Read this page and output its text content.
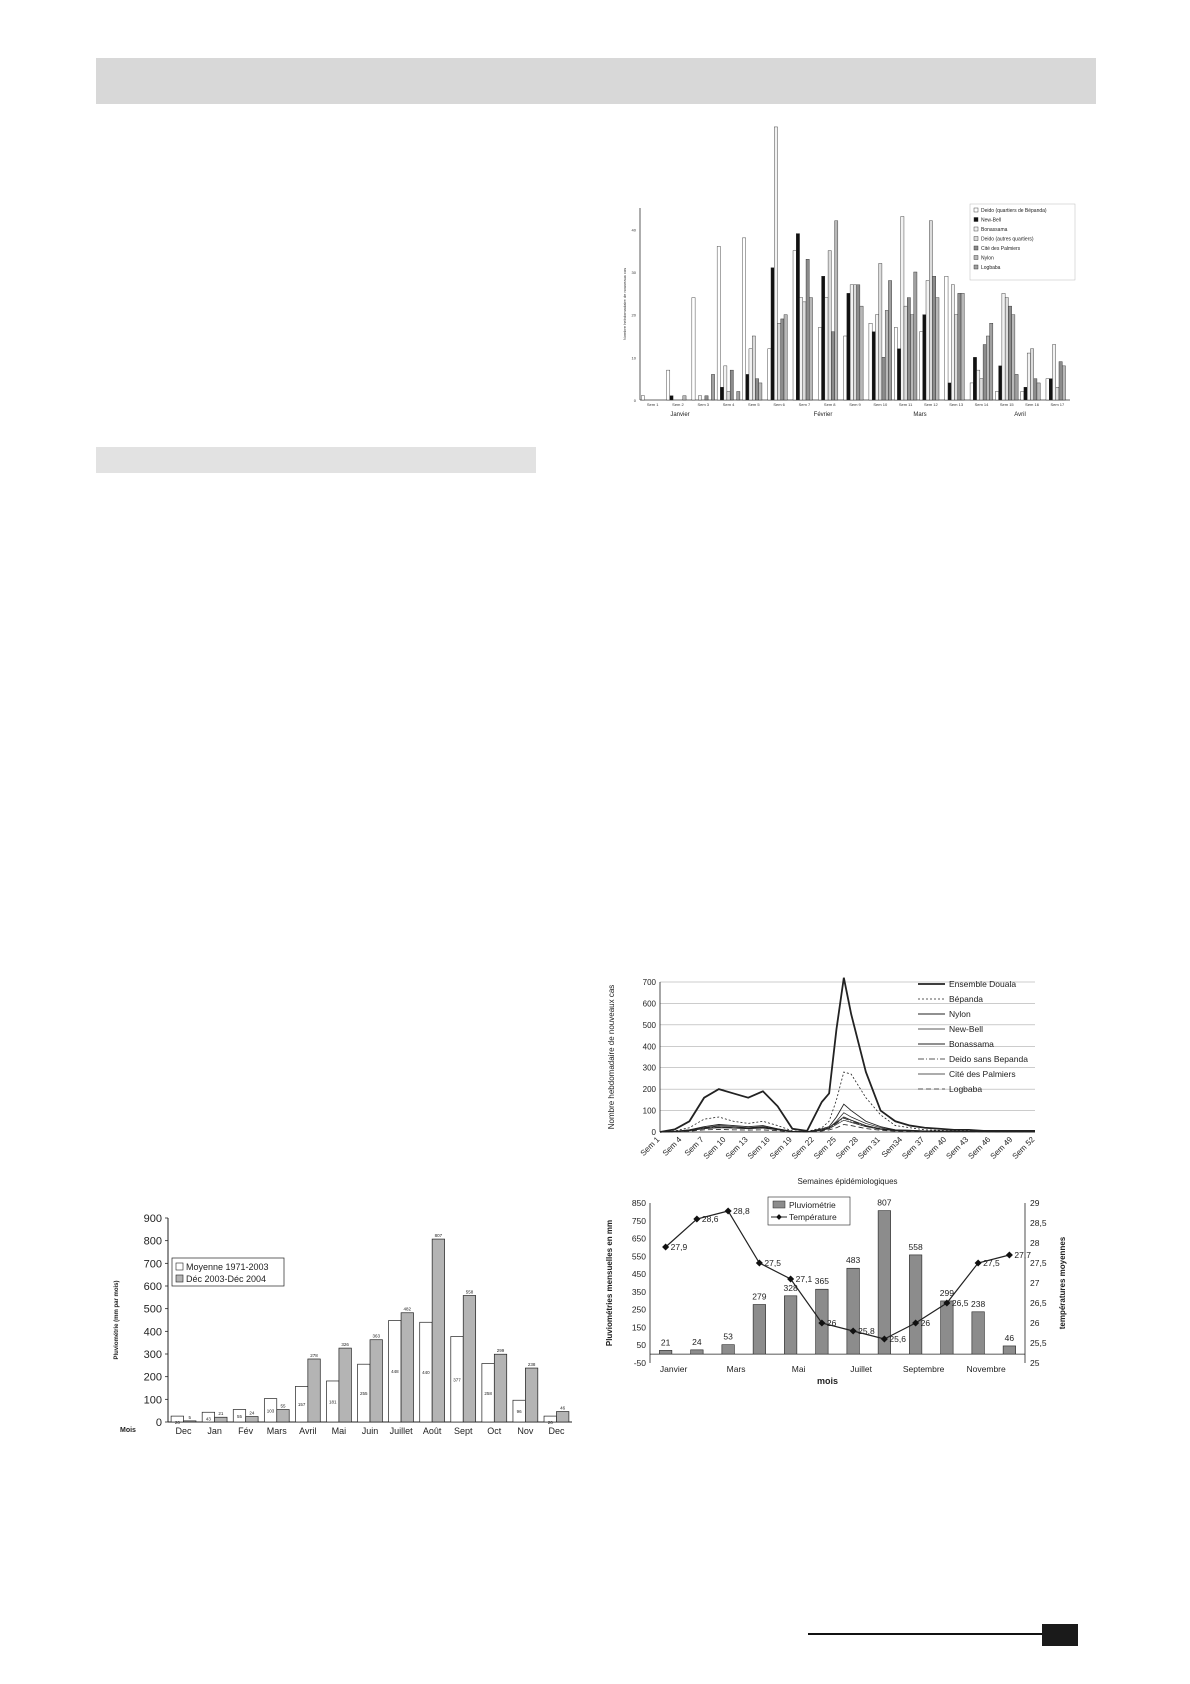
0
10
20
30
40
Nombre hebdomadaire de nouveaux cas
Sem 1	Sem 2	Sem 3	Sem 4	Sem 5	Sem 6	Sem 7	Sem 8	Sem 9	Sem 10	Sem 11	Sem 12	Sem 13	Sem 14	Sem 15	Sem 16	Sem 17
Janvier	Février	Mars	Avril
Deido (quartiers de Bépanda)
New-Bell
Bonassama
Deido (autres quartiers)
Cité des Palmiers
Nylon
Logbaba
0
100
200
300
400
500
600
700
800
900
Pluviométrie (mm par mois)
Mois
26
5
Dec
43
21
Jan
55
24
Fév
103
55
Mars
157
278
Avril
181
326
Mai
255
363
Juin
448
482
Juillet
440
807
Août
377
558
Sept
258
299
Oct
96
238
Nov
26
46
Dec
Moyenne 1971-2003
Déc 2003-Déc 2004
0
100
200
300
400
500
600
700
Nombre hebdomadaire de nouveaux cas
Sem 1 Sem 4 Sem 7
Sem 10
Sem 13
Sem 16
Sem 19
Sem 22
Sem 25
Sem 28
Sem 31
Sem34
Sem 37
Sem 40
Sem 43
Sem 46
Sem 49
Sem 52
Semaines épidémiologiques
Ensemble Douala
Bépanda
Nylon
New-Bell
Bonassama
Deido sans Bepanda
Cité des Palmiers
Logbaba
-50
50
150
250
350
450
550
650
750
850
25
25,5
26
26,5
27
27,5
28
28,5
29
Pluviométries mensuelles en mm	températures moyennes
21	24
53
279
328
365
483
807
558
299
238
46
27,9
28,6
28,8
27,5
27,1
26
25,8
25,6
26
26,5
27,5
27,7
Janvier	Mars	Mai	Juillet	Septembre	Novembre
mois
Pluviométrie
Température
